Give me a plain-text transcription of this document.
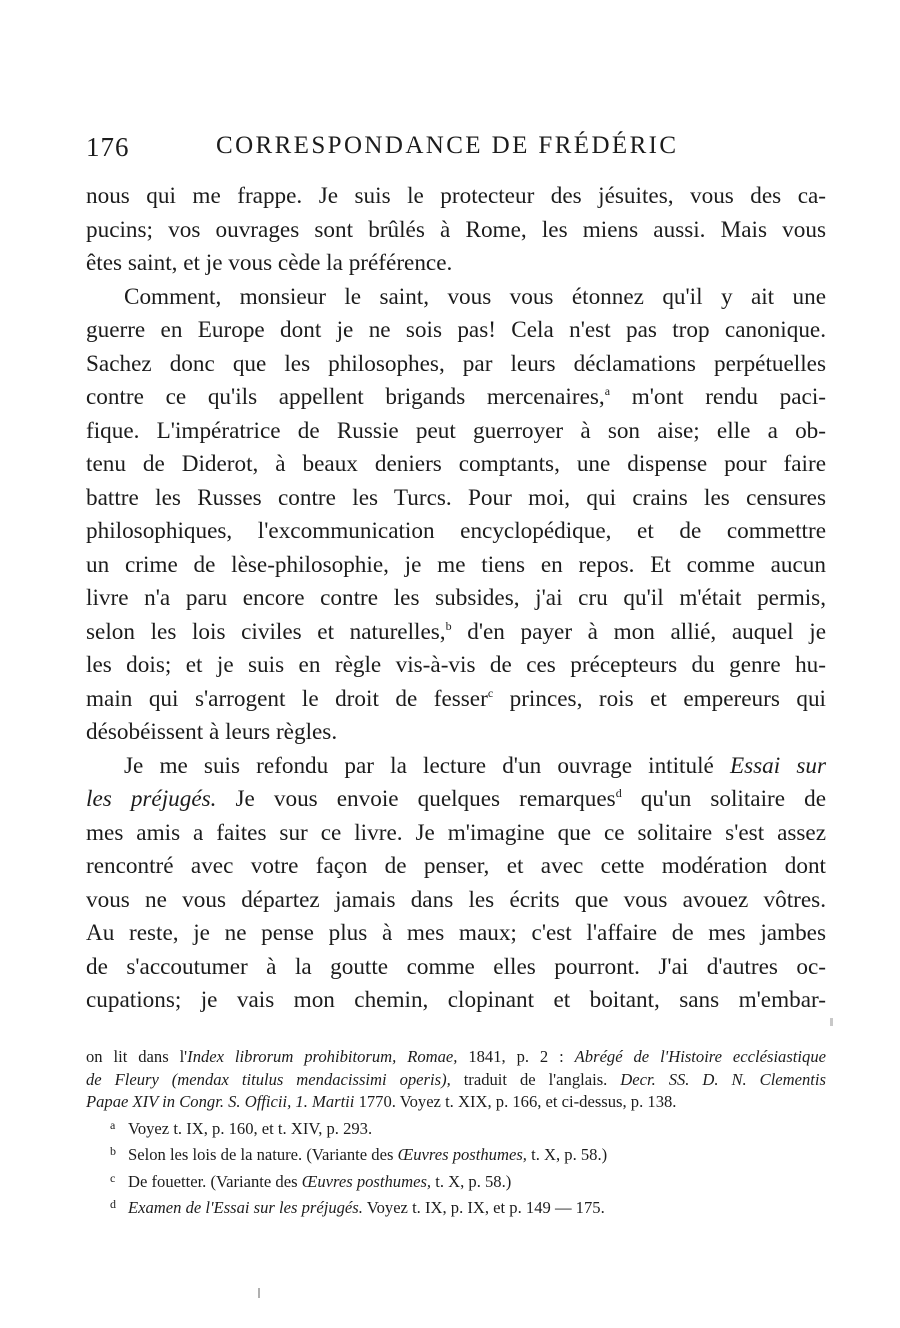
176	CORRESPONDANCE DE FRÉDÉRIC
nous qui me frappe. Je suis le protecteur des jésuites, vous des ca-
pucins; vos ouvrages sont brûlés à Rome, les miens aussi. Mais vous
êtes saint, et je vous cède la préférence.
Comment, monsieur le saint, vous vous étonnez qu'il y ait une
guerre en Europe dont je ne sois pas! Cela n'est pas trop canonique.
Sachez donc que les philosophes, par leurs déclamations perpétuelles
contre ce qu'ils appellent brigands mercenaires,$^a$ m'ont rendu paci-
fique. L'impératrice de Russie peut guerroyer à son aise; elle a ob-
tenu de Diderot, à beaux deniers comptants, une dispense pour faire
battre les Russes contre les Turcs. Pour moi, qui crains les censures
philosophiques, l'excommunication encyclopédique, et de commettre
un crime de lèse-philosophie, je me tiens en repos. Et comme aucun
livre n'a paru encore contre les subsides, j'ai cru qu'il m'était permis,
selon les lois civiles et naturelles,$^b$ d'en payer à mon allié, auquel je
les dois; et je suis en règle vis-à-vis de ces précepteurs du genre hu-
main qui s'arrogent le droit de fesser$^c$ princes, rois et empereurs qui
désobéissent à leurs règles.
Je me suis refondu par la lecture d'un ouvrage intitulé Essai sur
les préjugés. Je vous envoie quelques remarques$^d$ qu'un solitaire de
mes amis a faites sur ce livre. Je m'imagine que ce solitaire s'est assez
rencontré avec votre façon de penser, et avec cette modération dont
vous ne vous départez jamais dans les écrits que vous avouez vôtres.
Au reste, je ne pense plus à mes maux; c'est l'affaire de mes jambes
de s'accoutumer à la goutte comme elles pourront. J'ai d'autres oc-
cupations; je vais mon chemin, clopinant et boitant, sans m'embar-
on lit dans l'Index librorum prohibitorum, Romae, 1841, p. 2 : Abrégé de l'Histoire ecclésiastique
de Fleury (mendax titulus mendacissimi operis), traduit de l'anglais. Decr. SS. D. N. Clementis
Papae XIV in Congr. S. Officii, 1. Martii 1770. Voyez t. XIX, p. 166, et ci-dessus, p. 138.
a Voyez t. IX, p. 160, et t. XIV, p. 293.
b Selon les lois de la nature. (Variante des Œuvres posthumes, t. X, p. 58.)
c De fouetter. (Variante des Œuvres posthumes, t. X, p. 58.)
d Examen de l'Essai sur les préjugés. Voyez t. IX, p. IX, et p. 149 — 175.
